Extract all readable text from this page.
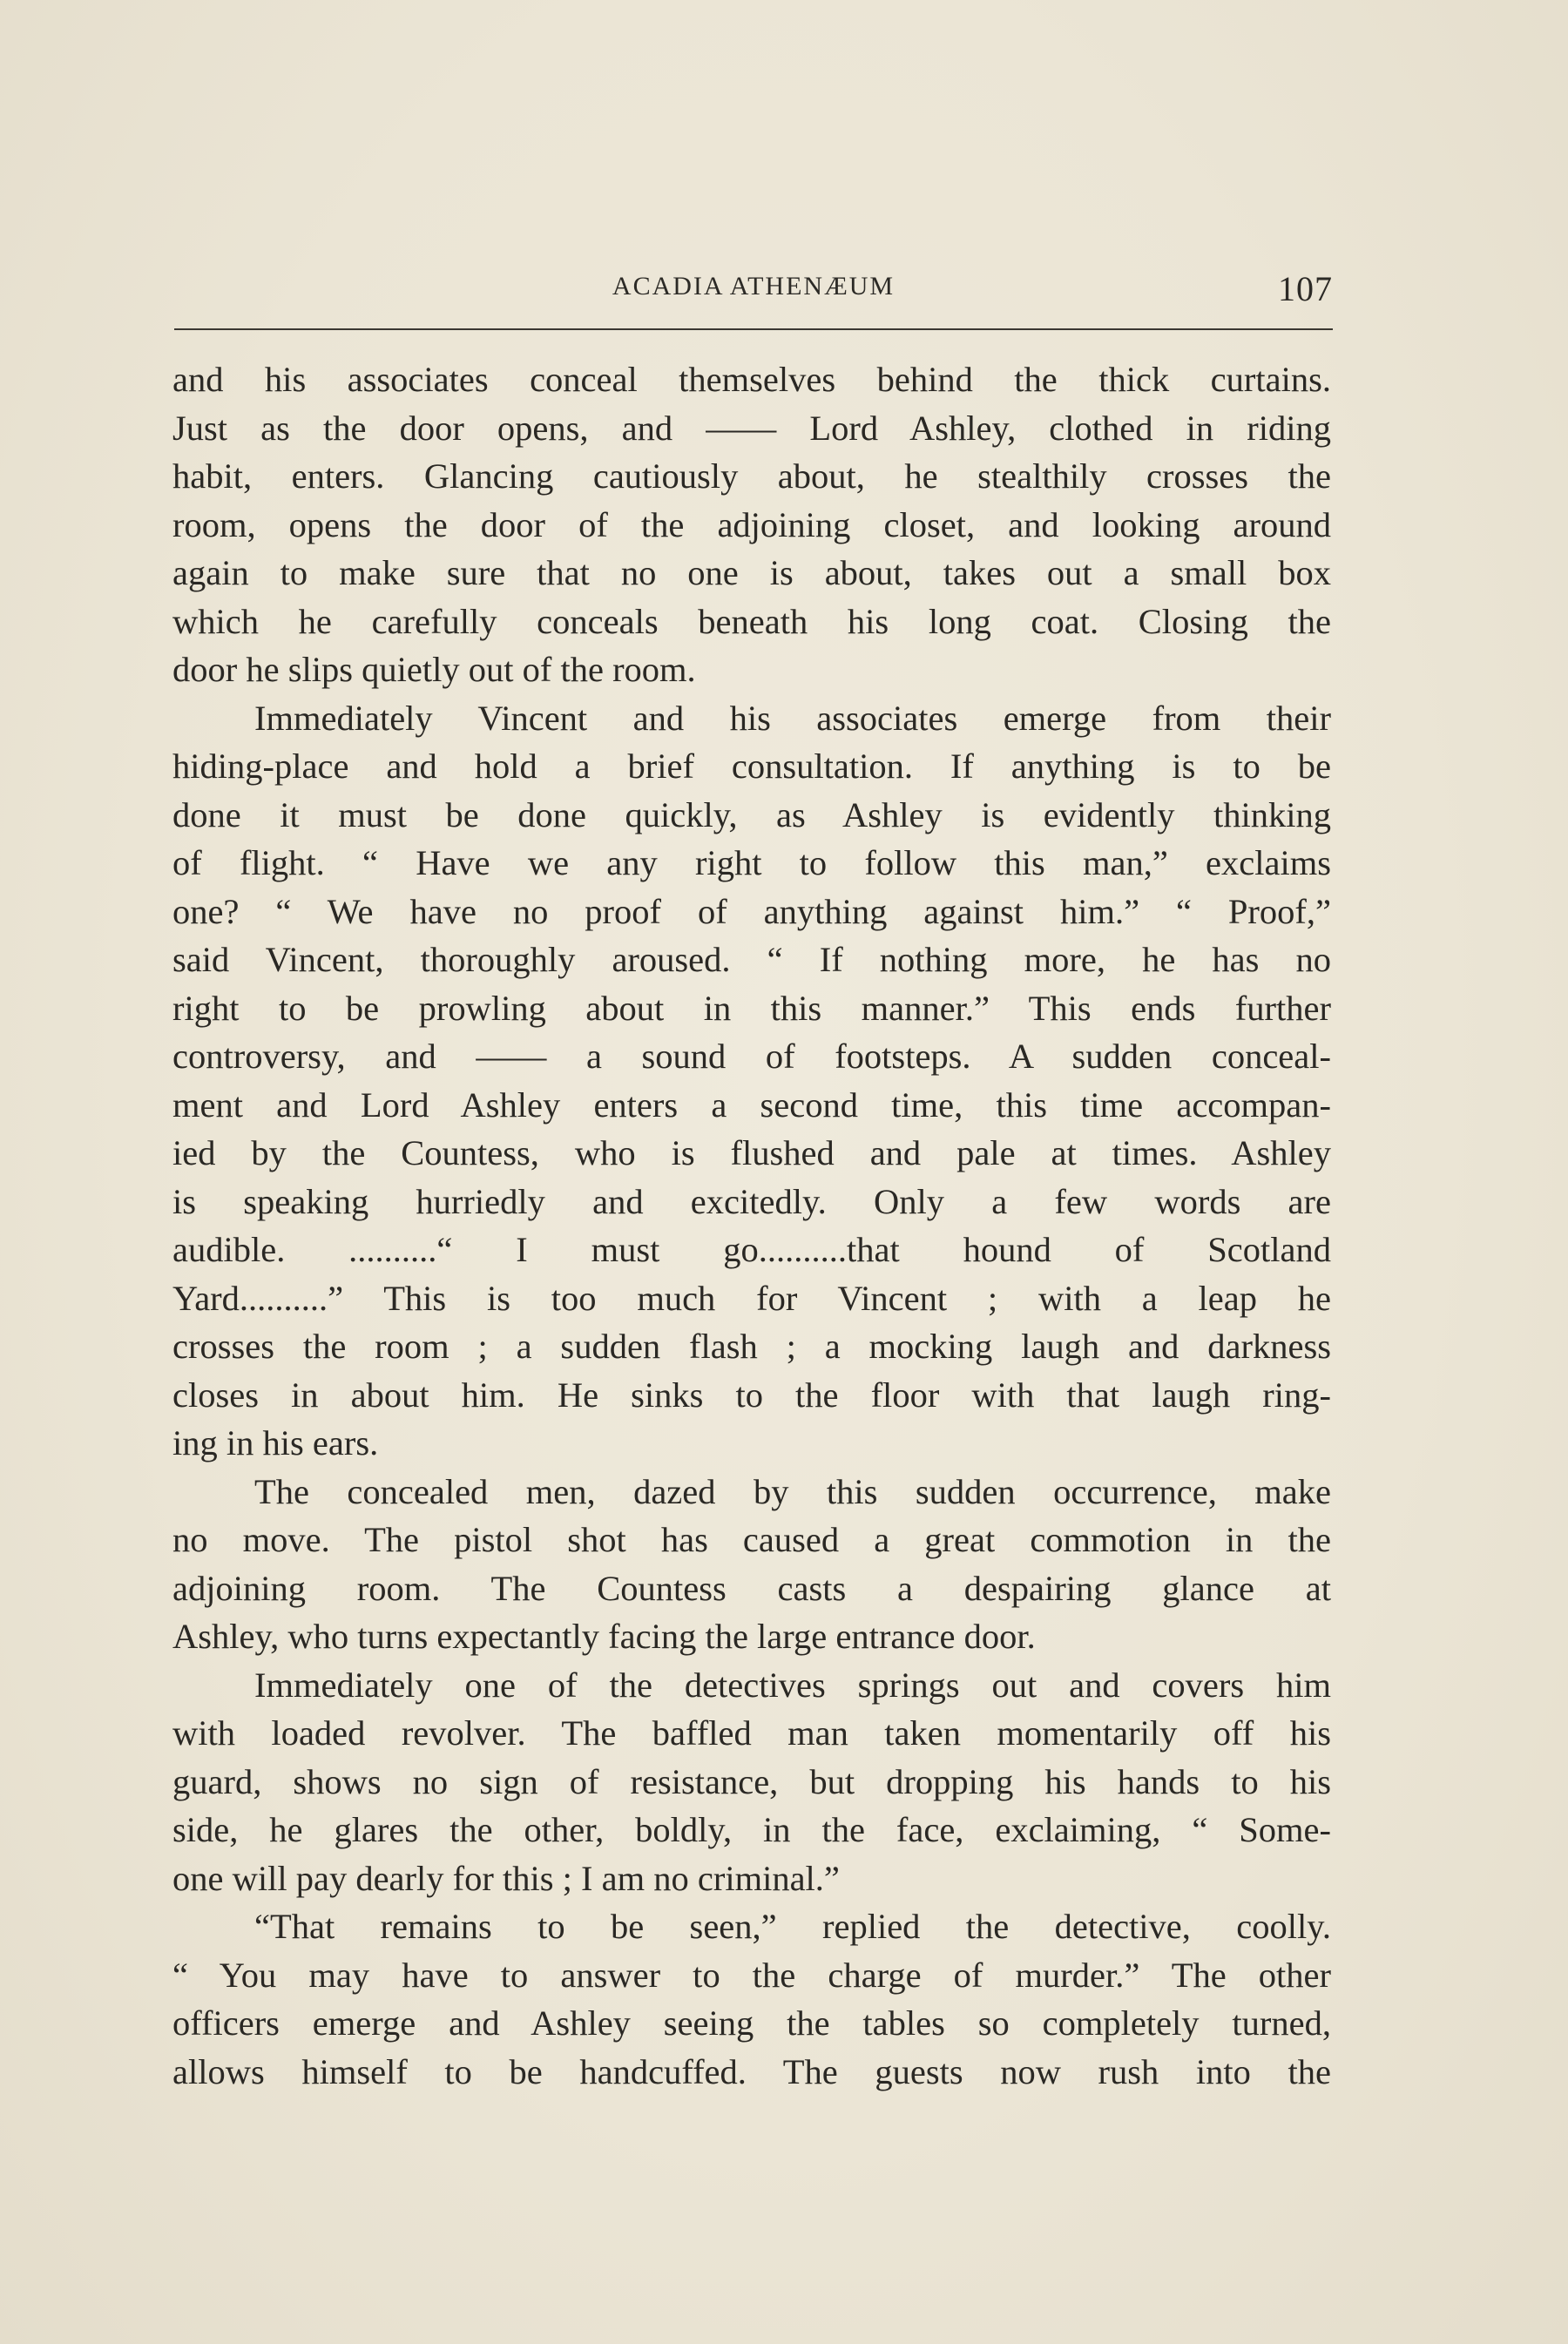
ACADIA ATHENÆUM	107
and his associates conceal themselves behind the thick curtains.
Just as the door opens, and —— Lord Ashley, clothed in riding
habit, enters. Glancing cautiously about, he stealthily crosses the
room, opens the door of the adjoining closet, and looking around
again to make sure that no one is about, takes out a small box
which he carefully conceals beneath his long coat. Closing the
door he slips quietly out of the room.
Immediately Vincent and his associates emerge from their
hiding-place and hold a brief consultation. If anything is to be
done it must be done quickly, as Ashley is evidently thinking
of flight. “ Have we any right to follow this man,” exclaims
one? “ We have no proof of anything against him.” “ Proof,”
said Vincent, thoroughly aroused. “ If nothing more, he has no
right to be prowling about in this manner.” This ends further
controversy, and —— a sound of footsteps. A sudden conceal-
ment and Lord Ashley enters a second time, this time accompan-
ied by the Countess, who is flushed and pale at times. Ashley
is speaking hurriedly and excitedly. Only a few words are
audible. ..........“ I must go..........that hound of Scotland
Yard..........” This is too much for Vincent ; with a leap he
crosses the room ; a sudden flash ; a mocking laugh and darkness
closes in about him. He sinks to the floor with that laugh ring-
ing in his ears.
The concealed men, dazed by this sudden occurrence, make
no move. The pistol shot has caused a great commotion in the
adjoining room. The Countess casts a despairing glance at
Ashley, who turns expectantly facing the large entrance door.
Immediately one of the detectives springs out and covers him
with loaded revolver. The baffled man taken momentarily off his
guard, shows no sign of resistance, but dropping his hands to his
side, he glares the other, boldly, in the face, exclaiming, “ Some-
one will pay dearly for this ; I am no criminal.”
“That remains to be seen,” replied the detective, coolly.
“ You may have to answer to the charge of murder.” The other
officers emerge and Ashley seeing the tables so completely turned,
allows himself to be handcuffed. The guests now rush into the
